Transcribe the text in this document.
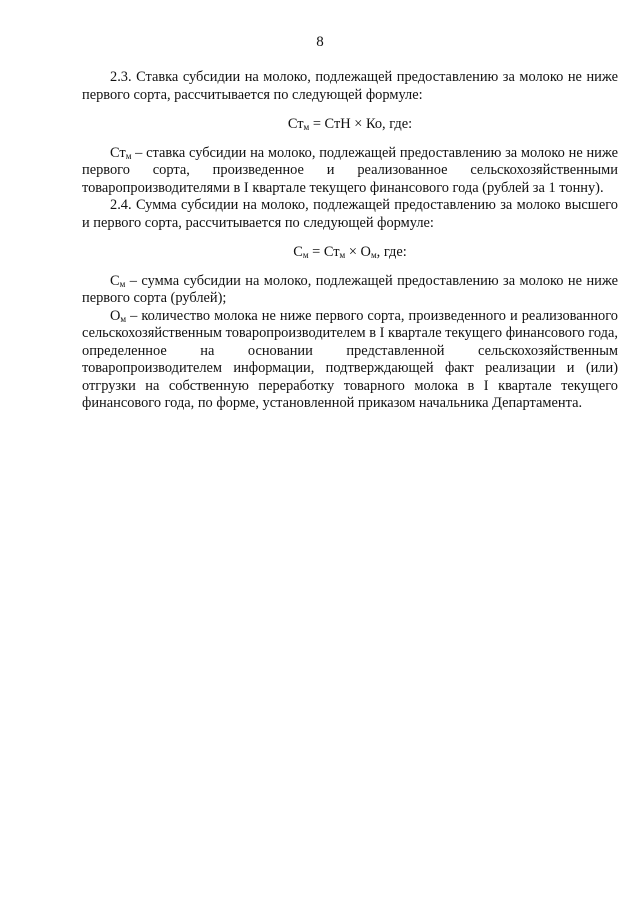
8

2.3. Ставка субсидии на молоко, подлежащей предоставлению за молоко не ниже первого сорта, рассчитывается по следующей формуле:

$Ст_м$ = СтН × Ко, где:

$Ст_м$ – ставка субсидии на молоко, подлежащей предоставлению за молоко не ниже первого сорта, произведенное и реализованное сельскохозяйственными товаропроизводителями в I квартале текущего финансового года (рублей за 1 тонну).

2.4. Сумма субсидии на молоко, подлежащей предоставлению за молоко высшего и первого сорта, рассчитывается по следующей формуле:

$С_м = Ст_м \times О_м$, где:

$С_м$ – сумма субсидии на молоко, подлежащей предоставлению за молоко не ниже первого сорта (рублей);

$О_м$ – количество молока не ниже первого сорта, произведенного и реализованного сельскохозяйственным товаропроизводителем в I квартале текущего финансового года, определенное на основании представленной сельскохозяйственным товаропроизводителем информации, подтверждающей факт реализации и (или) отгрузки на собственную переработку товарного молока в I квартале текущего финансового года, по форме, установленной приказом начальника Департамента.
